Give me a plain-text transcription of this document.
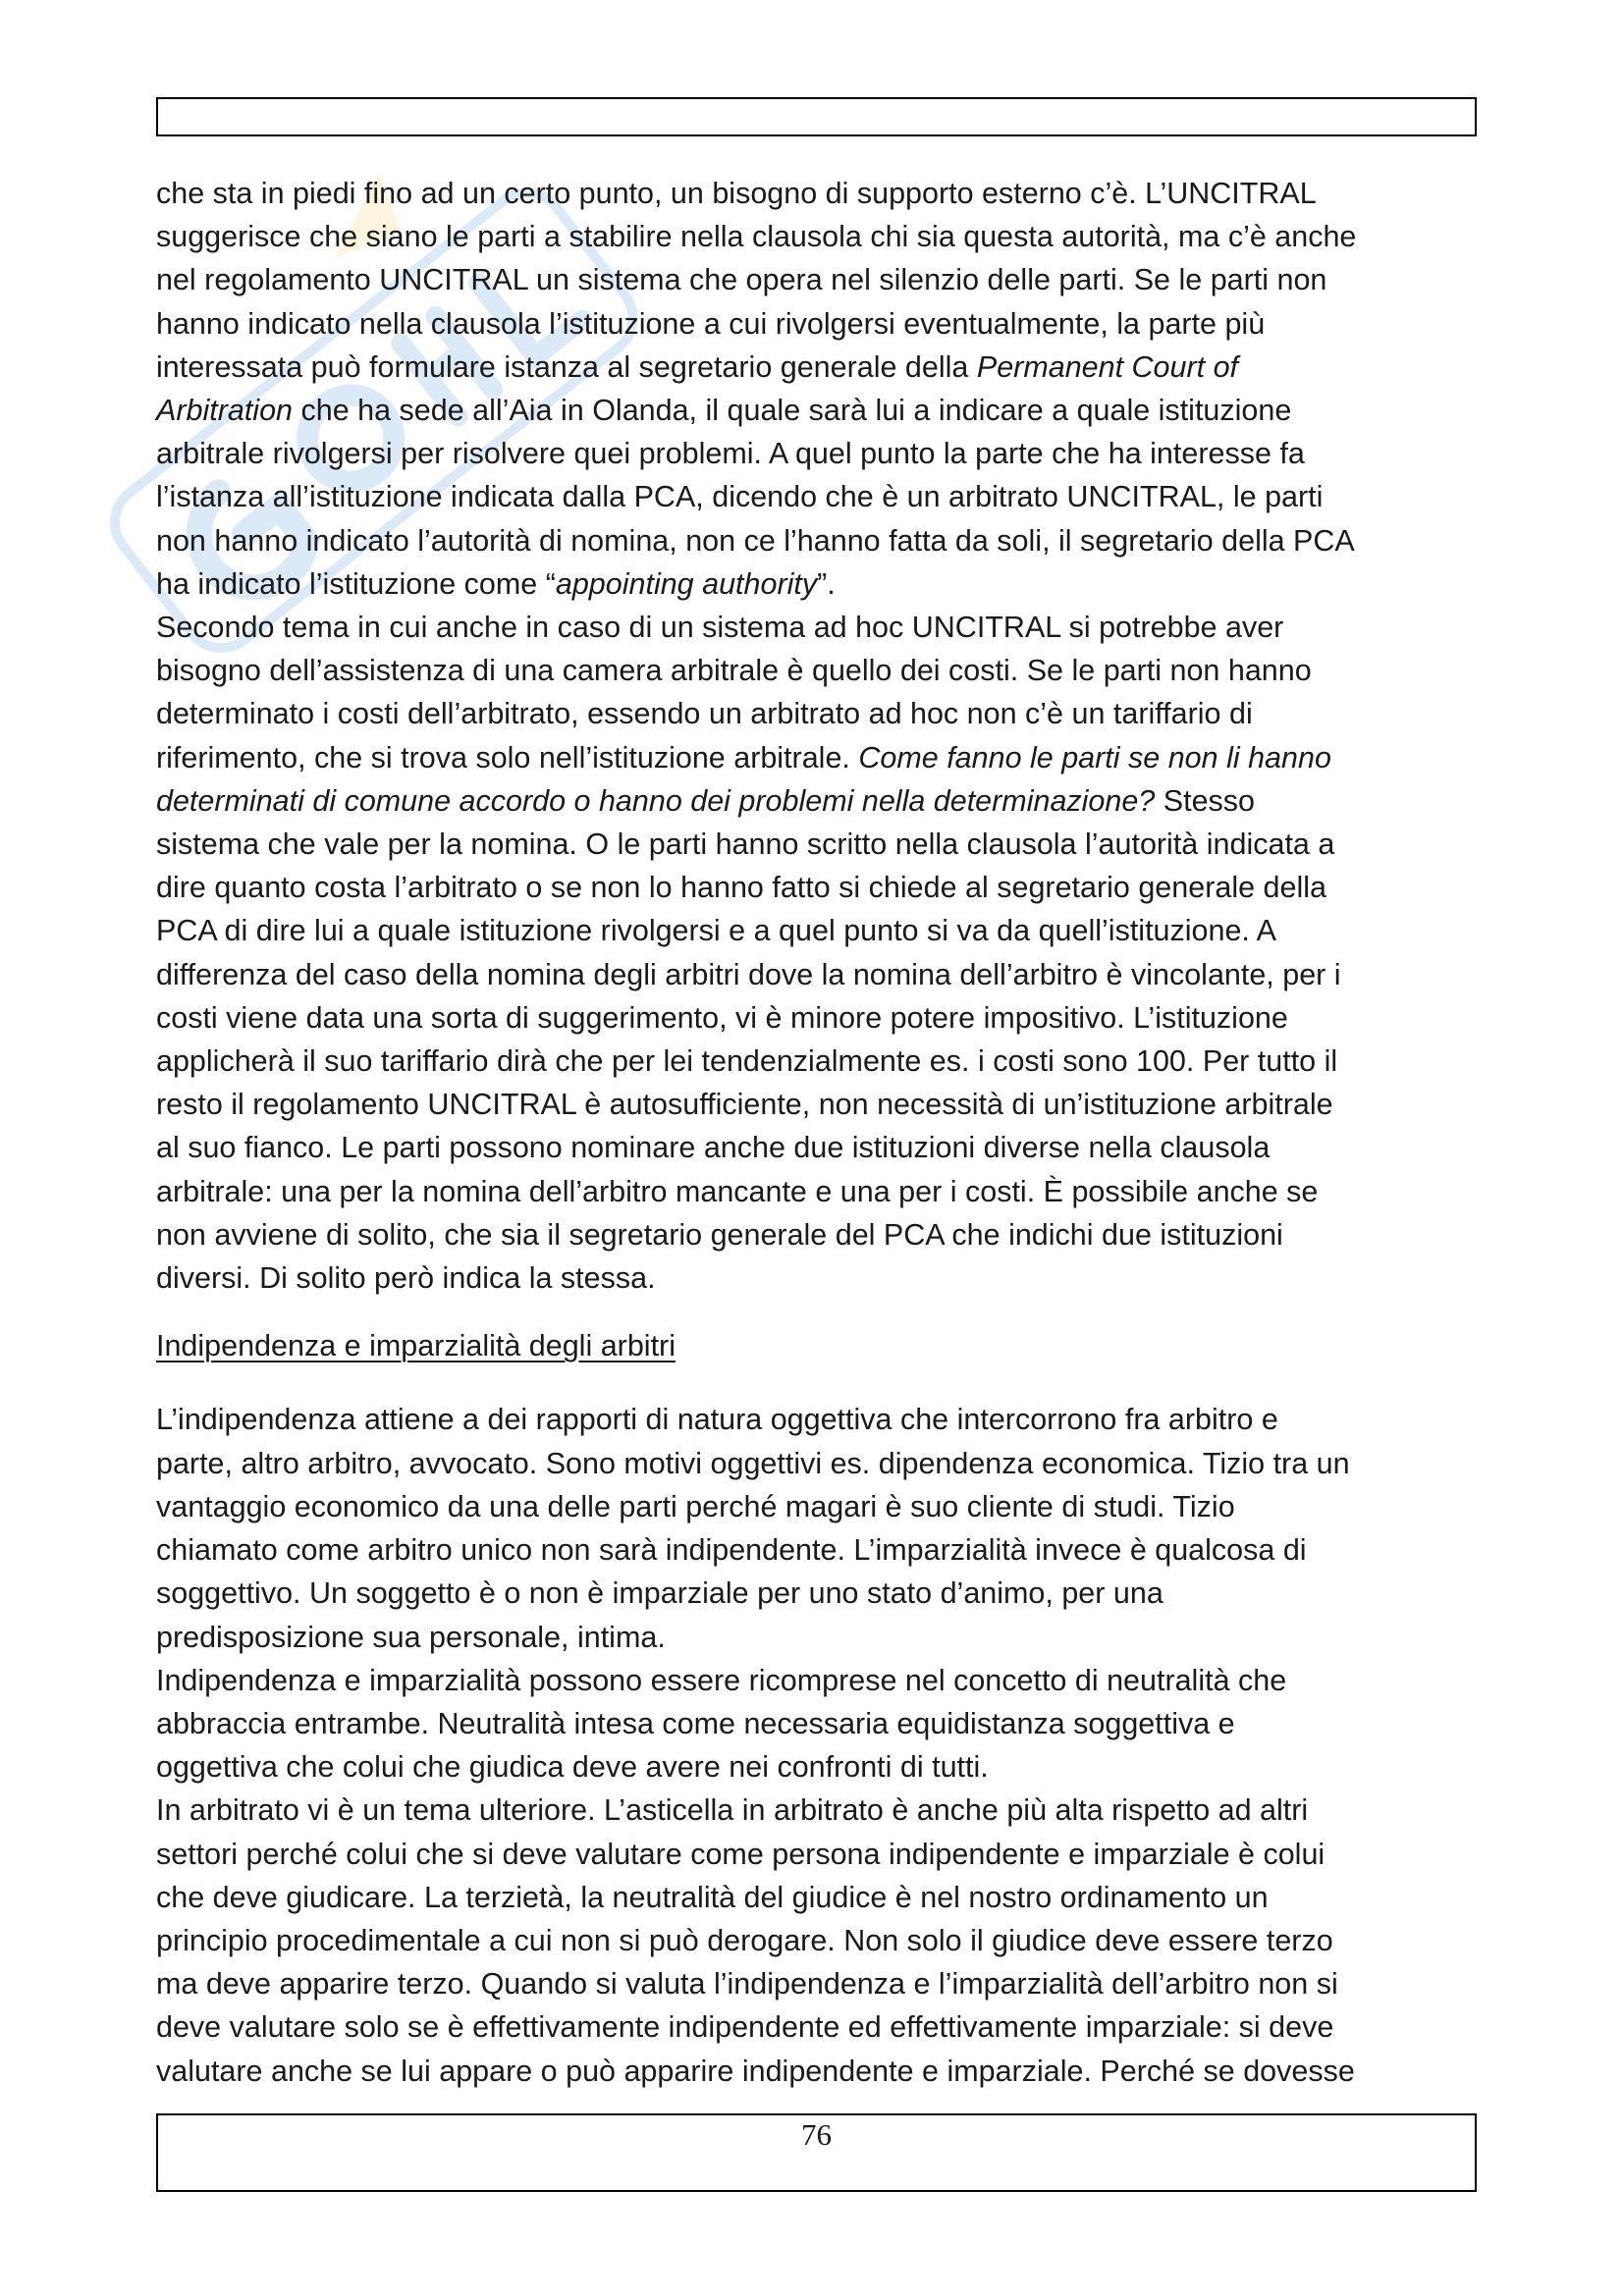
che sta in piedi fino ad un certo punto, un bisogno di supporto esterno c’è. L’UNCITRAL

suggerisce che siano le parti a stabilire nella clausola chi sia questa autorità, ma c’è anche

nel regolamento UNCITRAL un sistema che opera nel silenzio delle parti. Se le parti non

hanno indicato nella clausola l’istituzione a cui rivolgersi eventualmente, la parte più

interessata può formulare istanza al segretario generale della Permanent Court of

Arbitration che ha sede all’Aia in Olanda, il quale sarà lui a indicare a quale istituzione

arbitrale rivolgersi per risolvere quei problemi. A quel punto la parte che ha interesse fa

l’istanza all’istituzione indicata dalla PCA, dicendo che è un arbitrato UNCITRAL, le parti

non hanno indicato l’autorità di nomina, non ce l’hanno fatta da soli, il segretario della PCA

ha indicato l’istituzione come “appointing authority”.

Secondo tema in cui anche in caso di un sistema ad hoc UNCITRAL si potrebbe aver

bisogno dell’assistenza di una camera arbitrale è quello dei costi. Se le parti non hanno

determinato i costi dell’arbitrato, essendo un arbitrato ad hoc non c’è un tariffario di

riferimento, che si trova solo nell’istituzione arbitrale. Come fanno le parti se non li hanno

determinati di comune accordo o hanno dei problemi nella determinazione? Stesso

sistema che vale per la nomina. O le parti hanno scritto nella clausola l’autorità indicata a

dire quanto costa l’arbitrato o se non lo hanno fatto si chiede al segretario generale della

PCA di dire lui a quale istituzione rivolgersi e a quel punto si va da quell’istituzione. A

differenza del caso della nomina degli arbitri dove la nomina dell’arbitro è vincolante, per i

costi viene data una sorta di suggerimento, vi è minore potere impositivo. L’istituzione

applicherà il suo tariffario dirà che per lei tendenzialmente es. i costi sono 100. Per tutto il

resto il regolamento UNCITRAL è autosufficiente, non necessità di un’istituzione arbitrale

al suo fianco. Le parti possono nominare anche due istituzioni diverse nella clausola

arbitrale: una per la nomina dell’arbitro mancante e una per i costi. È possibile anche se

non avviene di solito, che sia il segretario generale del PCA che indichi due istituzioni

diversi. Di solito però indica la stessa.

Indipendenza e imparzialità degli arbitri

L’indipendenza attiene a dei rapporti di natura oggettiva che intercorrono fra arbitro e

parte, altro arbitro, avvocato. Sono motivi oggettivi es. dipendenza economica. Tizio tra un

vantaggio economico da una delle parti perché magari è suo cliente di studi. Tizio

chiamato come arbitro unico non sarà indipendente. L’imparzialità invece è qualcosa di

soggettivo. Un soggetto è o non è imparziale per uno stato d’animo, per una

predisposizione sua personale, intima.

Indipendenza e imparzialità possono essere ricomprese nel concetto di neutralità che

abbraccia entrambe. Neutralità intesa come necessaria equidistanza soggettiva e

oggettiva che colui che giudica deve avere nei confronti di tutti.

In arbitrato vi è un tema ulteriore. L’asticella in arbitrato è anche più alta rispetto ad altri

settori perché colui che si deve valutare come persona indipendente e imparziale è colui

che deve giudicare. La terzietà, la neutralità del giudice è nel nostro ordinamento un

principio procedimentale a cui non si può derogare. Non solo il giudice deve essere terzo

ma deve apparire terzo. Quando si valuta l’indipendenza e l’imparzialità dell’arbitro non si

deve valutare solo se è effettivamente indipendente ed effettivamente imparziale: si deve

valutare anche se lui appare o può apparire indipendente e imparziale. Perché se dovesse

76
